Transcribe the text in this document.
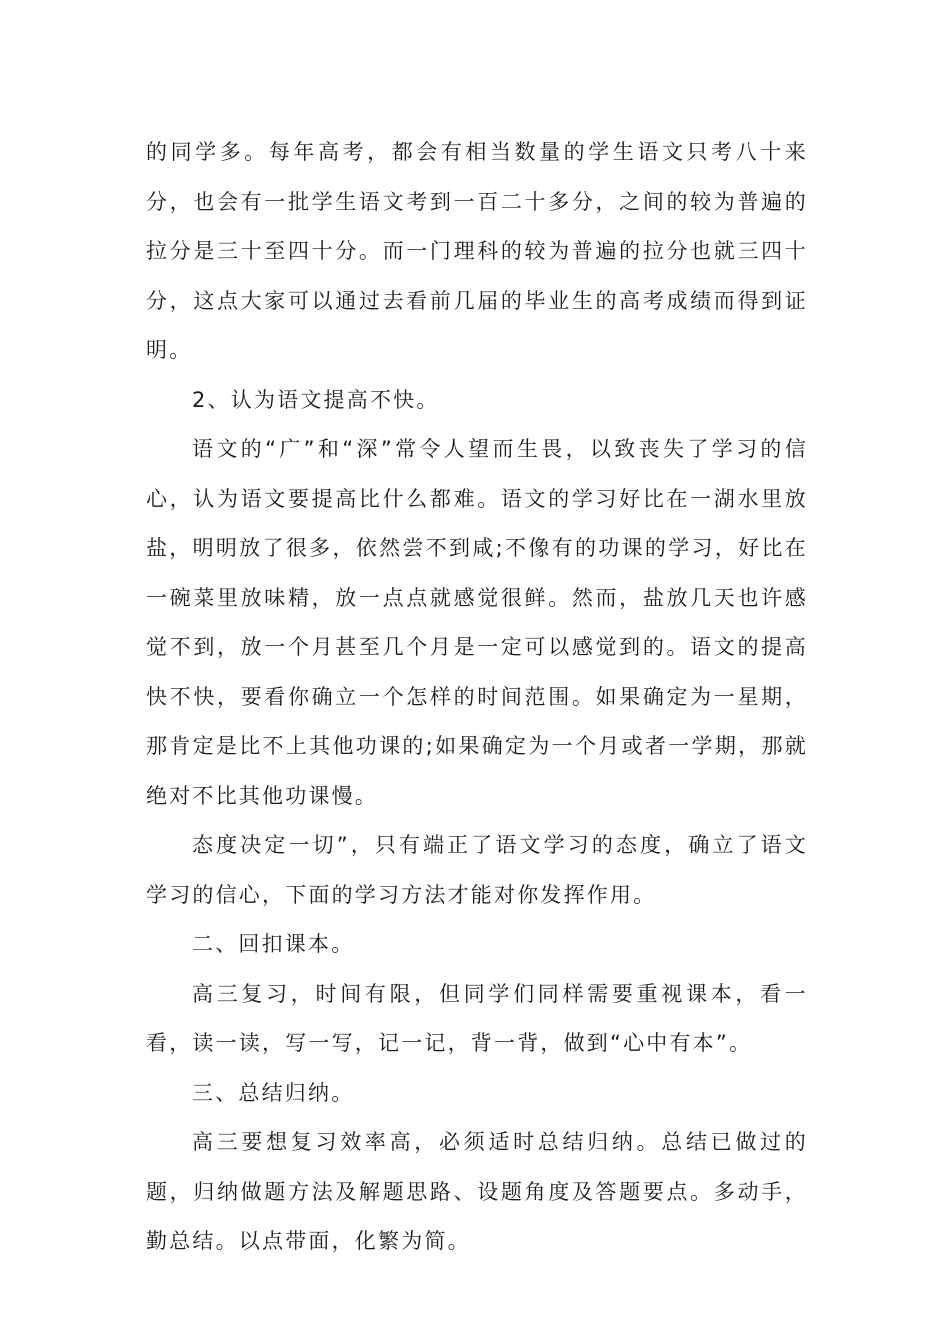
的同学多。每年高考，都会有相当数量的学生语文只考八十来分，也会有一批学生语文考到一百二十多分，之间的较为普遍的拉分是三十至四十分。而一门理科的较为普遍的拉分也就三四十分，这点大家可以通过去看前几届的毕业生的高考成绩而得到证明。

2、认为语文提高不快。

语文的“广”和“深”常令人望而生畏，以致丧失了学习的信心，认为语文要提高比什么都难。语文的学习好比在一湖水里放盐，明明放了很多，依然尝不到咸;不像有的功课的学习，好比在一碗菜里放味精，放一点点就感觉很鲜。然而，盐放几天也许感觉不到，放一个月甚至几个月是一定可以感觉到的。语文的提高快不快，要看你确立一个怎样的时间范围。如果确定为一星期，那肯定是比不上其他功课的;如果确定为一个月或者一学期，那就绝对不比其他功课慢。

态度决定一切”，只有端正了语文学习的态度，确立了语文学习的信心，下面的学习方法才能对你发挥作用。

二、回扣课本。

高三复习，时间有限，但同学们同样需要重视课本，看一看，读一读，写一写，记一记，背一背，做到“心中有本”。

三、总结归纳。

高三要想复习效率高，必须适时总结归纳。总结已做过的题，归纳做题方法及解题思路、设题角度及答题要点。多动手，勤总结。以点带面，化繁为简。
